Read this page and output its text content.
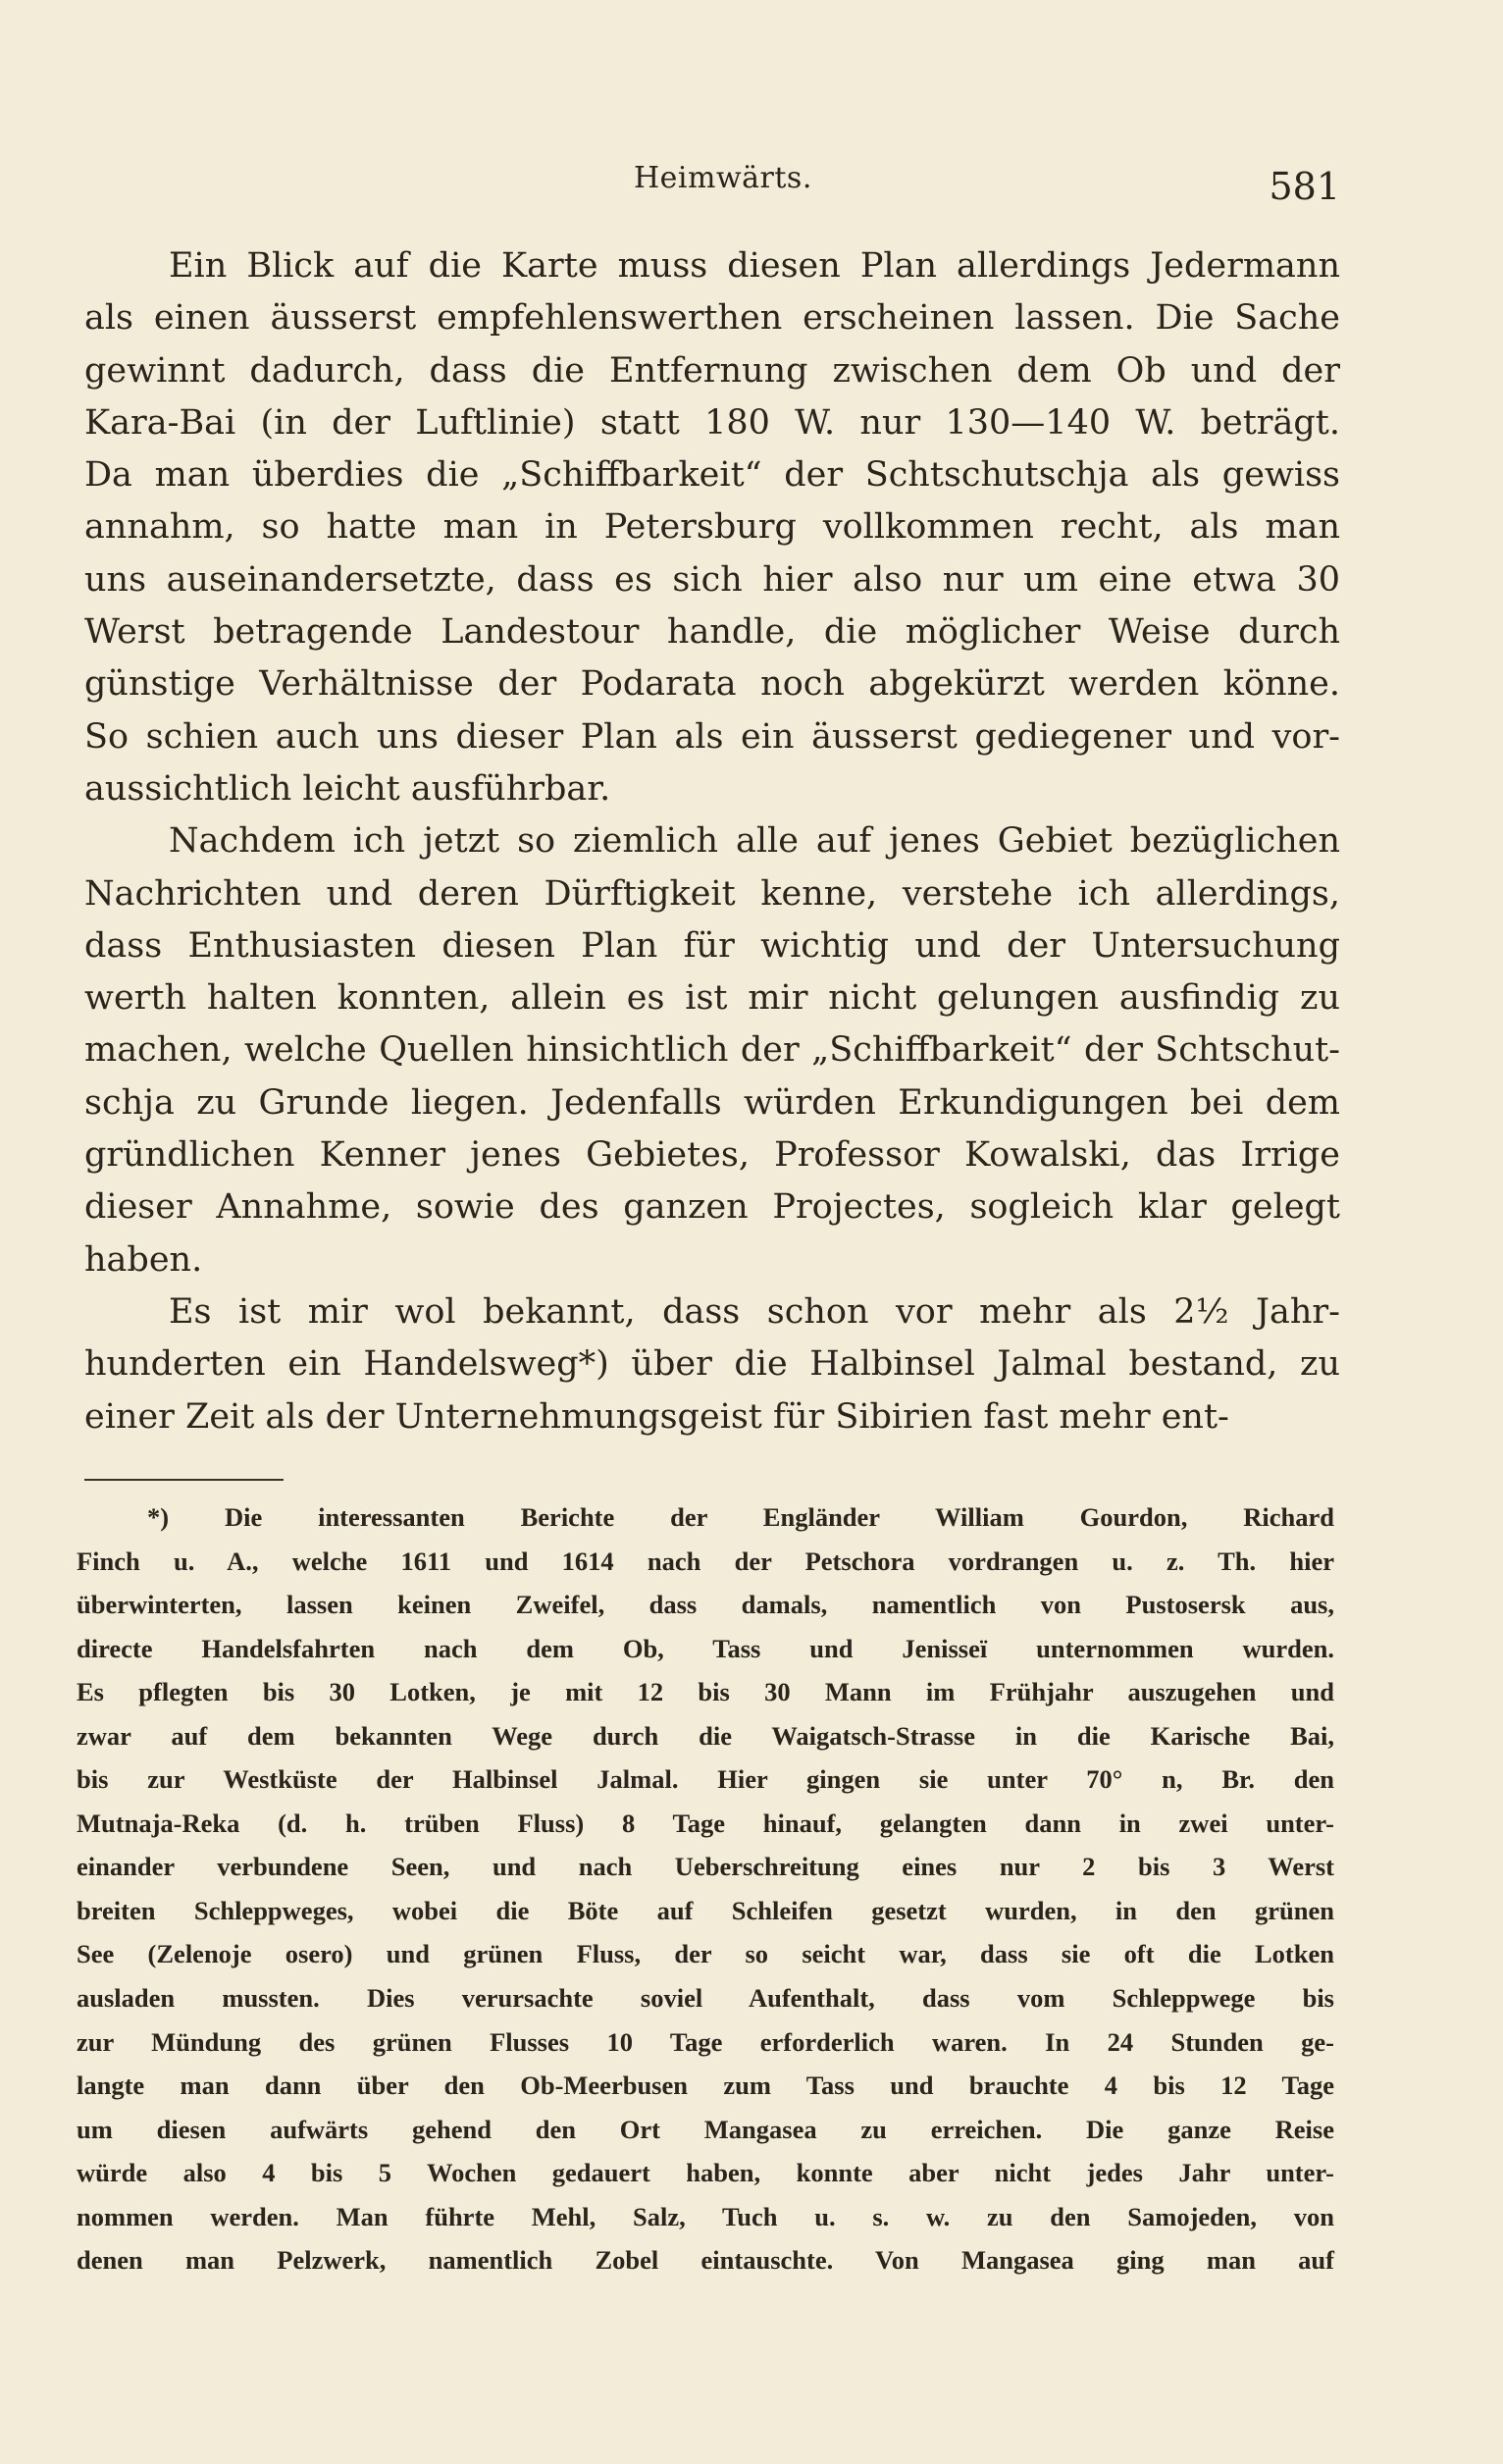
Heimwärts.	581
Ein Blick auf die Karte muss diesen Plan allerdings Jedermann
als einen äusserst empfehlenswerthen erscheinen lassen. Die Sache
gewinnt dadurch, dass die Entfernung zwischen dem Ob und der
Kara-Bai (in der Luftlinie) statt 180 W. nur 130—140 W. beträgt.
Da man überdies die „Schiffbarkeit“ der Schtschutschja als gewiss
annahm, so hatte man in Petersburg vollkommen recht, als man
uns auseinandersetzte, dass es sich hier also nur um eine etwa 30
Werst betragende Landestour handle, die möglicher Weise durch
günstige Verhältnisse der Podarata noch abgekürzt werden könne.
So schien auch uns dieser Plan als ein äusserst gediegener und vor-
aussichtlich leicht ausführbar.
Nachdem ich jetzt so ziemlich alle auf jenes Gebiet bezüglichen
Nachrichten und deren Dürftigkeit kenne, verstehe ich allerdings,
dass Enthusiasten diesen Plan für wichtig und der Untersuchung
werth halten konnten, allein es ist mir nicht gelungen ausfindig zu
machen, welche Quellen hinsichtlich der „Schiffbarkeit“ der Schtschut-
schja zu Grunde liegen. Jedenfalls würden Erkundigungen bei dem
gründlichen Kenner jenes Gebietes, Professor Kowalski, das Irrige
dieser Annahme, sowie des ganzen Projectes, sogleich klar gelegt
haben.
Es ist mir wol bekannt, dass schon vor mehr als 2½ Jahr-
hunderten ein Handelsweg*) über die Halbinsel Jalmal bestand, zu
einer Zeit als der Unternehmungsgeist für Sibirien fast mehr ent-
*) Die interessanten Berichte der Engländer William Gourdon, Richard
Finch u. A., welche 1611 und 1614 nach der Petschora vordrangen u. z. Th. hier
überwinterten, lassen keinen Zweifel, dass damals, namentlich von Pustosersk aus,
directe Handelsfahrten nach dem Ob, Tass und Jenisseï unternommen wurden.
Es pflegten bis 30 Lotken, je mit 12 bis 30 Mann im Frühjahr auszugehen und
zwar auf dem bekannten Wege durch die Waigatsch-Strasse in die Karische Bai,
bis zur Westküste der Halbinsel Jalmal. Hier gingen sie unter 70° n, Br. den
Mutnaja-Reka (d. h. trüben Fluss) 8 Tage hinauf, gelangten dann in zwei unter-
einander verbundene Seen, und nach Ueberschreitung eines nur 2 bis 3 Werst
breiten Schleppweges, wobei die Böte auf Schleifen gesetzt wurden, in den grünen
See (Zelenoje osero) und grünen Fluss, der so seicht war, dass sie oft die Lotken
ausladen mussten. Dies verursachte soviel Aufenthalt, dass vom Schleppwege bis
zur Mündung des grünen Flusses 10 Tage erforderlich waren. In 24 Stunden ge-
langte man dann über den Ob-Meerbusen zum Tass und brauchte 4 bis 12 Tage
um diesen aufwärts gehend den Ort Mangasea zu erreichen. Die ganze Reise
würde also 4 bis 5 Wochen gedauert haben, konnte aber nicht jedes Jahr unter-
nommen werden. Man führte Mehl, Salz, Tuch u. s. w. zu den Samojeden, von
denen man Pelzwerk, namentlich Zobel eintauschte. Von Mangasea ging man auf
